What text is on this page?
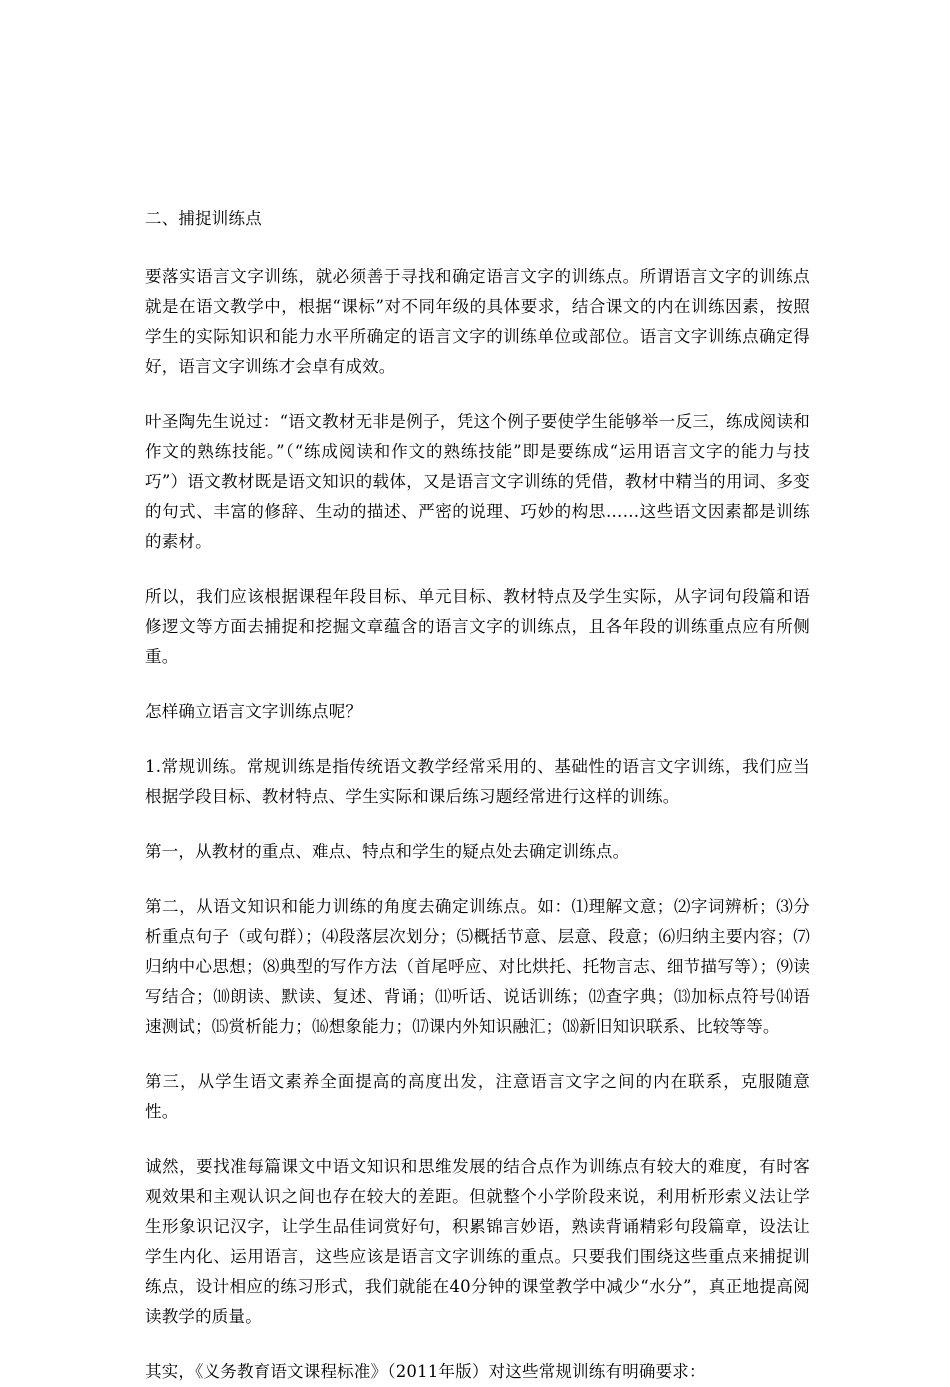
二、捕捉训练点

要落实语言文字训练，就必须善于寻找和确定语言文字的训练点。所谓语言文字的训练点就是在语文教学中，根据“课标”对不同年级的具体要求，结合课文的内在训练因素，按照学生的实际知识和能力水平所确定的语言文字的训练单位或部位。语言文字训练点确定得好，语言文字训练才会卓有成效。

叶圣陶先生说过：“语文教材无非是例子，凭这个例子要使学生能够举一反三，练成阅读和作文的熟练技能。”（“练成阅读和作文的熟练技能”即是要练成“运用语言文字的能力与技巧”）语文教材既是语文知识的载体，又是语言文字训练的凭借，教材中精当的用词、多变的句式、丰富的修辞、生动的描述、严密的说理、巧妙的构思……这些语文因素都是训练的素材。

所以，我们应该根据课程年段目标、单元目标、教材特点及学生实际，从字词句段篇和语修逻文等方面去捕捉和挖掘文章蕴含的语言文字的训练点，且各年段的训练重点应有所侧重。

怎样确立语言文字训练点呢？

1.常规训练。常规训练是指传统语文教学经常采用的、基础性的语言文字训练，我们应当根据学段目标、教材特点、学生实际和课后练习题经常进行这样的训练。

第一，从教材的重点、难点、特点和学生的疑点处去确定训练点。

第二，从语文知识和能力训练的角度去确定训练点。如：⑴理解文意；⑵字词辨析；⑶分析重点句子（或句群）；⑷段落层次划分；⑸概括节意、层意、段意；⑹归纳主要内容；⑺归纳中心思想；⑻典型的写作方法（首尾呼应、对比烘托、托物言志、细节描写等）；⑼读写结合；⑽朗读、默读、复述、背诵；⑾听话、说话训练；⑿查字典；⒀加标点符号⒁语速测试；⒂赏析能力；⒃想象能力；⒄课内外知识融汇；⒅新旧知识联系、比较等等。

第三，从学生语文素养全面提高的高度出发，注意语言文字之间的内在联系，克服随意性。

诚然，要找准每篇课文中语文知识和思维发展的结合点作为训练点有较大的难度，有时客观效果和主观认识之间也存在较大的差距。但就整个小学阶段来说，利用析形索义法让学生形象识记汉字，让学生品佳词赏好句，积累锦言妙语，熟读背诵精彩句段篇章，设法让学生内化、运用语言，这些应该是语言文字训练的重点。只要我们围绕这些重点来捕捉训练点，设计相应的练习形式，我们就能在40分钟的课堂教学中减少“水分”，真正地提高阅读教学的质量。

其实，《义务教育语文课程标准》（2011年版）对这些常规训练有明确要求：
